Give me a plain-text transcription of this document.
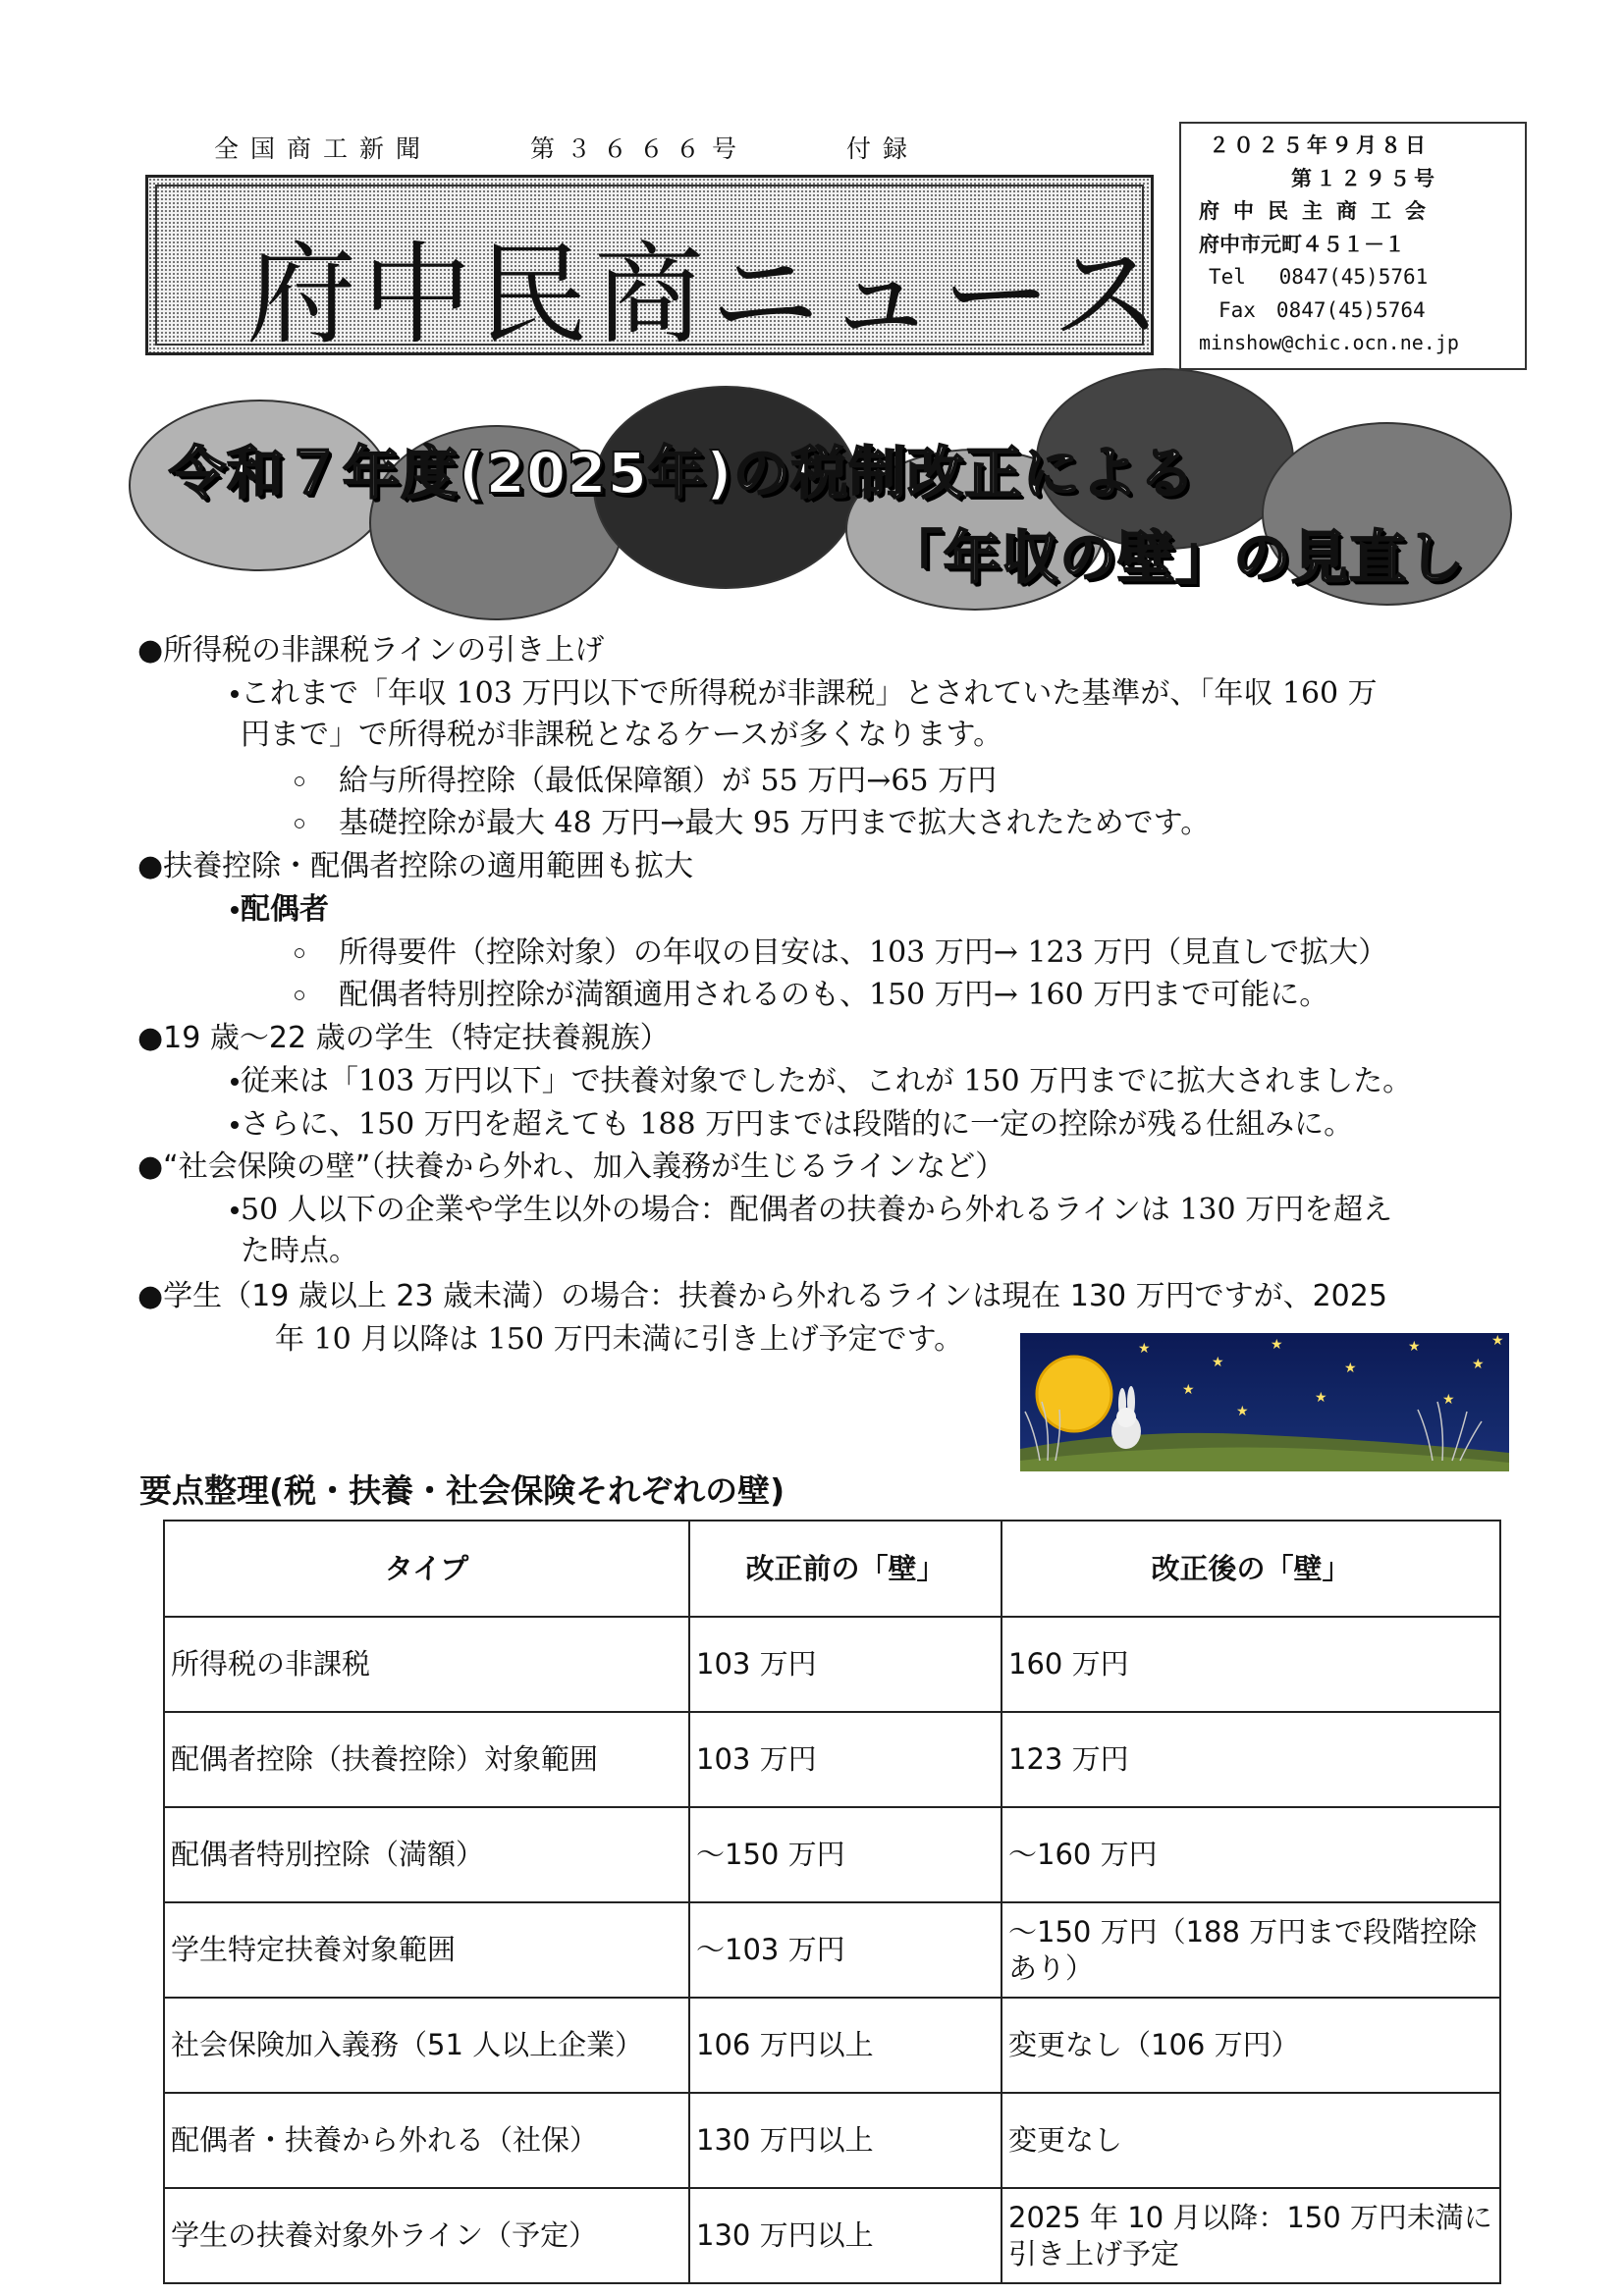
全国商工新聞	第３６６６号	付録
府中民商ニュース
２０２５年９月８日
第１２９５号
府中民主商工会
府中市元町４５１－１
Tel　 0847(45)5761
Fax　0847(45)5764
minshow@chic.ocn.ne.jp
令和７年度(2025年)の税制改正による
「年収の壁」の見直し
●所得税の非課税ラインの引き上げ
これまで「年収 103 万円以下で所得税が非課税」とされていた基準が、「年収 160 万
円まで」で所得税が非課税となるケースが多くなります。
給与所得控除（最低保障額）が 55 万円→65 万円
基礎控除が最大 48 万円→最大 95 万円まで拡大されたためです。
●扶養控除・配偶者控除の適用範囲も拡大
配偶者
所得要件（控除対象）の年収の目安は、103 万円→ 123 万円（見直しで拡大）
配偶者特別控除が満額適用されるのも、150 万円→ 160 万円まで可能に。
●19 歳～22 歳の学生（特定扶養親族）
従来は「103 万円以下」で扶養対象でしたが、これが 150 万円までに拡大されました。
さらに、150 万円を超えても 188 万円までは段階的に一定の控除が残る仕組みに。
●“社会保険の壁”（扶養から外れ、加入義務が生じるラインなど）
50 人以下の企業や学生以外の場合：配偶者の扶養から外れるラインは 130 万円を超え
た時点。
●学生（19 歳以上 23 歳未満）の場合：扶養から外れるラインは現在 130 万円ですが、2025
年 10 月以降は 150 万円未満に引き上げ予定です。	★
★
★
★
★
★
★	★	★
★
★
要点整理(税・扶養・社会保険それぞれの壁)
タイプ	改正前の「壁」	改正後の「壁」
所得税の非課税	103 万円	160 万円
配偶者控除（扶養控除）対象範囲	103 万円	123 万円
配偶者特別控除（満額）	～150 万円	～160 万円
学生特定扶養対象範囲	～103 万円	～150 万円（188 万円まで段階控除あり）
社会保険加入義務（51 人以上企業）	106 万円以上	変更なし（106 万円）
配偶者・扶養から外れる（社保）	130 万円以上	変更なし
学生の扶養対象外ライン（予定）	130 万円以上	2025 年 10 月以降：150 万円未満に引き上げ予定
